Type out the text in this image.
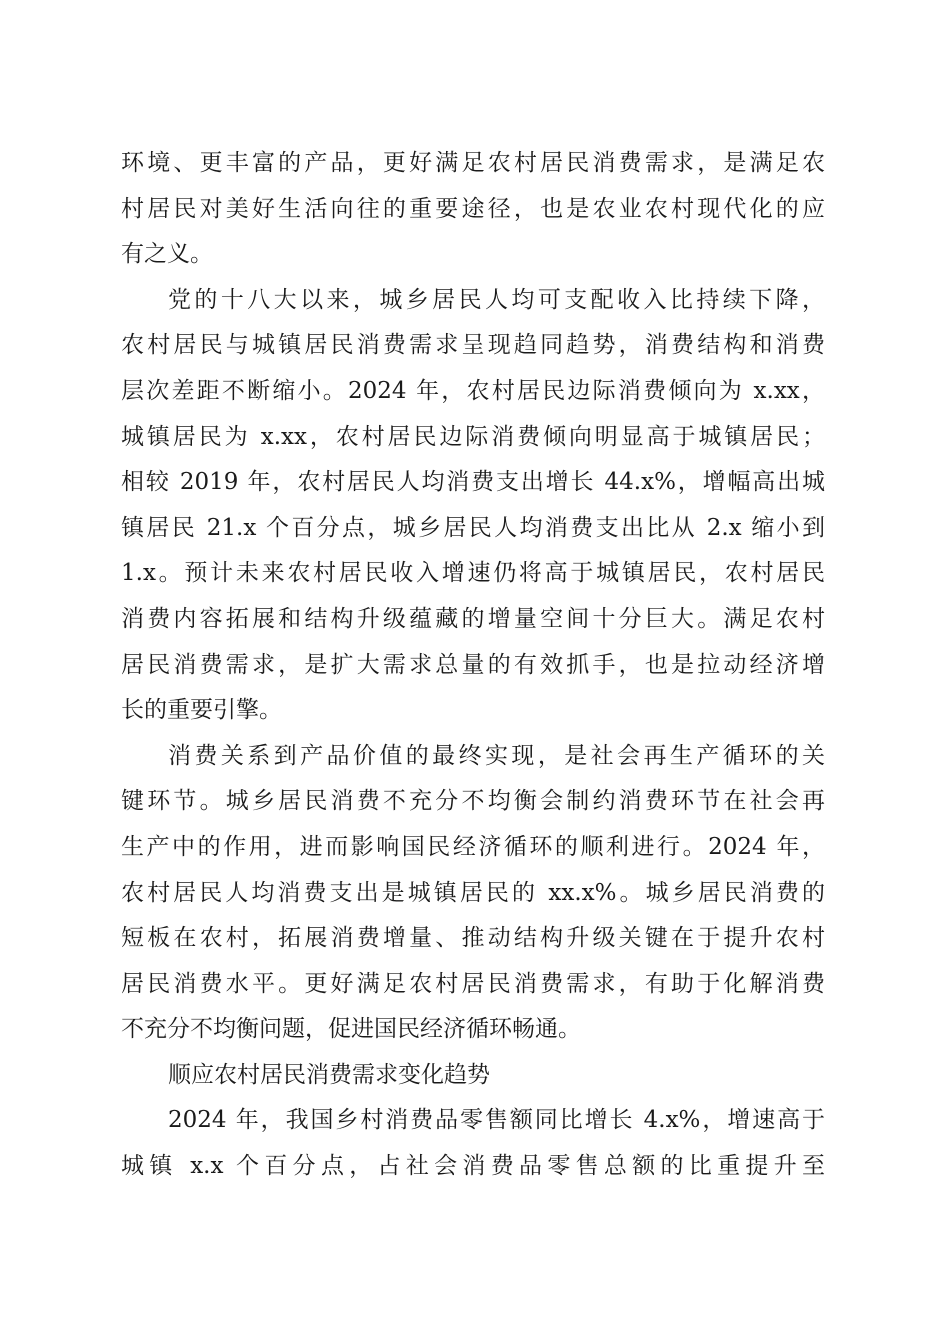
环境、更丰富的产品，更好满足农村居民消费需求，是满足农
村居民对美好生活向往的重要途径，也是农业农村现代化的应
有之义。
党的十八大以来，城乡居民人均可支配收入比持续下降，
农村居民与城镇居民消费需求呈现趋同趋势，消费结构和消费
层次差距不断缩小。2024 年，农村居民边际消费倾向为 x.xx，
城镇居民为 x.xx，农村居民边际消费倾向明显高于城镇居民；
相较 2019 年，农村居民人均消费支出增长 44.x%，增幅高出城
镇居民 21.x 个百分点，城乡居民人均消费支出比从 2.x 缩小到
1.x。预计未来农村居民收入增速仍将高于城镇居民，农村居民
消费内容拓展和结构升级蕴藏的增量空间十分巨大。满足农村
居民消费需求，是扩大需求总量的有效抓手，也是拉动经济增
长的重要引擎。
消费关系到产品价值的最终实现，是社会再生产循环的关
键环节。城乡居民消费不充分不均衡会制约消费环节在社会再
生产中的作用，进而影响国民经济循环的顺利进行。2024 年，
农村居民人均消费支出是城镇居民的 xx.x%。城乡居民消费的
短板在农村，拓展消费增量、推动结构升级关键在于提升农村
居民消费水平。更好满足农村居民消费需求，有助于化解消费
不充分不均衡问题，促进国民经济循环畅通。
顺应农村居民消费需求变化趋势
2024 年，我国乡村消费品零售额同比增长 4.x%，增速高于
城镇 x.x 个百分点，占社会消费品零售总额的比重提升至
